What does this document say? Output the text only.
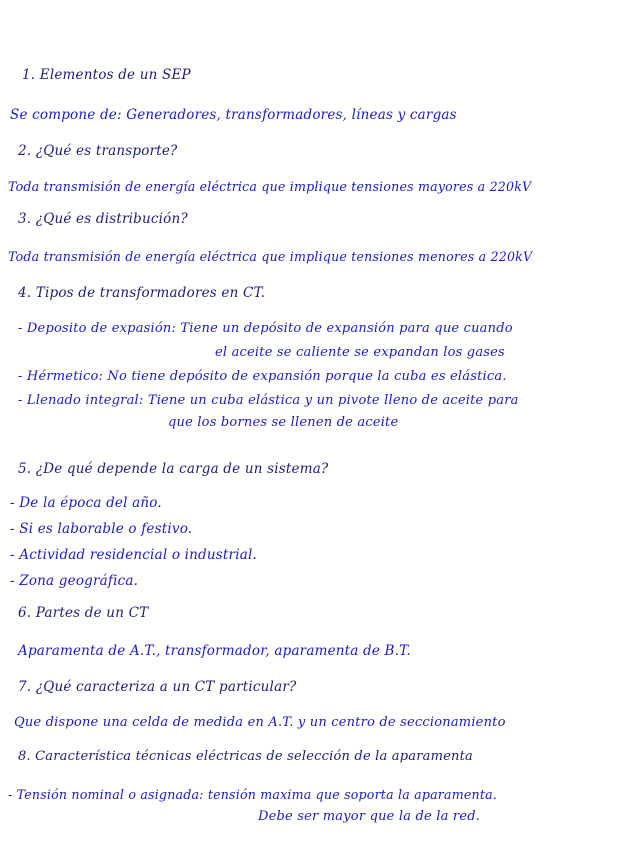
1. Elementos de un SEP
Se compone de: Generadores, transformadores, líneas y cargas
2. ¿Qué es transporte?
Toda transmisión de energía eléctrica que implique tensiones mayores a 220kV
3. ¿Qué es distribución?
Toda transmisión de energía eléctrica que implique tensiones menores a 220kV
4. Tipos de transformadores en CT.
- Deposito de expasión: Tiene un depósito de expansión para que cuando
el aceite se caliente se expandan los gases
- Hérmetico: No tiene depósito de expansión porque la cuba es elástica.
- Llenado integral: Tiene un cuba elástica y un pivote lleno de aceite para
que los bornes se llenen de aceite
5. ¿De qué depende la carga de un sistema?
- De la época del año.
- Si es laborable o festivo.
- Actividad residencial o industrial.
- Zona geográfica.
6. Partes de un CT
Aparamenta de A.T., transformador, aparamenta de B.T.
7. ¿Qué caracteriza a un CT particular?
Que dispone una celda de medida en A.T. y un centro de seccionamiento
8. Característica técnicas eléctricas de selección de la aparamenta
- Tensión nominal o asignada: tensión maxima que soporta la aparamenta.
Debe ser mayor que la de la red.
